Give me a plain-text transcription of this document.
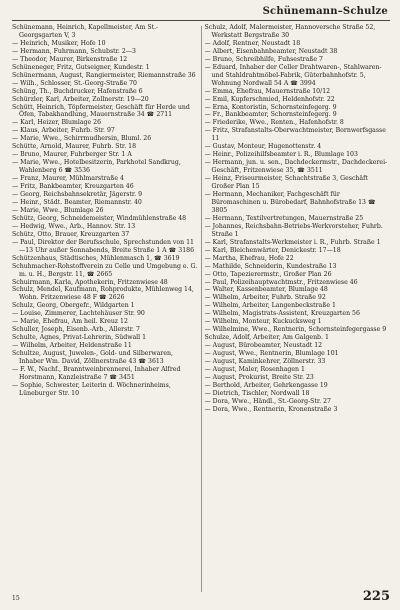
Schünemann–Schulze

Schünemann, Heinrich, Kapellmeister, Am St.-Georgsgarten V, 3

— Heinrich, Musiker, Hofe 10

— Hermann, Fuhrmann, Schubstr. 2—3

— Theodor, Maurer, Birkenstraße 12

Schüneneger, Fritz, Gutseigner, Kundestr. 1

Schünermann, August, Rangiermeister, Riemannstraße 36

— Wilh., Schlosser, St.-Georg-Straße 70

Schüng, Th., Buchdrucker, Hafenstraße 6

Schürzler, Karl, Arbeiter, Zollnerstr. 19—20

Schütt, Heinrich, Töpfermeister, Geschäft für Herde und Öfen, Tabakhandlung, Mauernstraße 34 ☎ 2711

— Karl, Heizer, Blumlage 26

— Klaus, Arbeiter, Fuhrb. Str. 97

— Marie, Wwe., Schirrmudhersin, Bluml. 26

Schütte, Arnold, Maurer, Fuhrb. Str. 18

— Bruno, Maurer, Fuhrberger Str. 1 A

— Marie, Wwe., Hotelbesitzerin, Parkhotel Sandkrug, Wahlenberg 6 ☎ 3536

— Franz, Maurer, Mühlmarstraße 4

— Fritz, Bankbeamter, Kreuzgarten 46

— Georg, Reichsbahnsekretär, Jägerstr. 9

— Heinr., Städt. Beamter, Riemannstr. 40

— Marie, Wwe., Blumlage 26

Schütz, Georg, Schneidemeister, Windmühlenstraße 48

— Hedwig, Wwe., Arb., Hannov. Str. 13

Schütz, Otto, Brauer, Kreuzgarten 37

— Paul, Direktor der Berufsschule, Sprechstunden von 11—13 Uhr außer Sonnabends, Breite Straße 1 A ☎ 3186

Schützenhaus, Städtisches, Mühlenmasch 1, ☎ 3619

Schuhmacher-Rohstoffverein zu Celle und Umgebung e. G. m. u. H., Bergstr. 11, ☎ 2665

Schuirmann, Karla, Apothekerin, Fritzenwiese 48

Schulz, Mendel, Kaufmann, Rohprodukte, Mühlenweg 14, Wohn. Fritzenwiese 48 F ☎ 2626

Schulz, Georg, Obergefr., Wildgarten 1

— Louise, Zimmerer, Lachtehäuser Str. 90

— Marie, Ehefrau, Am heil. Kreuz 12

Schuller, Joseph, Eisenb.-Arb., Allerstr. 7

Schulte, Agnes, Privat-Lehrerin, Südwall 1

— Wilhelm, Arbeiter, Heldenstraße 11

Schultze, August, Juwelen-, Gold- und Silberwaren, Inhaber Wm. David, Zöllnerstraße 43 ☎ 3613

— F. W., Nachf., Branntweinbrennerei, Inhaber Alfred Horstmann, Kanzleistraße 7 ☎ 3451

— Sophie, Schwester, Leiterin d. Wöchnerinheims, Lüneburger Str. 10

Schulz, Adolf, Malermeister, Hannoversche Straße 52, Werkstatt Bergstraße 30

— Adolf, Rentner, Neustadt 18

— Albert, Eisenbahnbeamter, Neustadt 38

— Bruno, Schreibhilfe, Fuhsestraße 7

— Eduard, Inhaber der Celler Drahtwaren-, Stahlwaren- und Stahldrahtmöbel-Fabrik, Güterbahnhofstr. 5, Wohnung Nordwall 54 A ☎ 3994

— Emma, Ehefrau, Mauernstraße 10/12

— Emil, Kupferschmied, Heldenhofstr. 22

— Erna, Kontoristin, Schornsteinfegerg. 9

— Fr., Bankbeamter, Schornsteinfegerg. 9

— Friederike, Wwe., Renten., Hafenhofstr. 8

— Fritz, Strafanstalts-Oberwachtmeister, Bornwerfsgasse 11

— Gustav, Monteur, Hugenottenstr. 4

— Heinr., Polizeihilfsbeamter i. R., Blumlage 103

— Hermann, jun. u. sen., Dachdeckermstr., Dachdeckerei-Geschäft, Fritzenwiese 35, ☎ 3511

— Heinz, Friseurmeister, Schachtstraße 3, Geschäft Großer Plan 15

— Hermann, Mechaniker, Fachgeschäft für Büromaschinen u. Bürobedarf, Bahnhofstraße 13 ☎ 3805

— Hermann, Textilvertretungen, Mauernstraße 25

— Johannes, Reichsbahn-Betriebs-Werkvorsteher, Fuhrb. Straße 1

— Karl, Strafanstalts-Werkmeister i. R., Fuhrb. Straße 1

— Karl, Bleichenwärter, Denickestr. 17—18

— Martha, Ehefrau, Hofe 22

— Mathilde, Schneiderin, Kundestraße 13

— Otto, Tapezierermstr., Großer Plan 26

— Paul, Polizeihauptwachtmstr., Fritzenwiese 46

— Walter, Kassenbeamter, Blumlage 48

— Wilhelm, Arbeiter, Fuhrb. Straße 92

— Wilhelm, Arbeiter, Langenbeckstraße 1

— Wilhelm, Magistrats-Assistent, Kreuzgarten 56

— Wilhelm, Monteur, Kuckucksweg 1

— Wilhelmine, Wwe., Rentnerin, Schornsteinfegergasse 9

Schulze, Adolf, Arbeiter, Am Galgenb. 1

— August, Bürobeamter, Neustadt 12

— August, Wwe., Rentnerin, Blumlage 101

— August, Kaminkehrer, Zöllnerstr. 33

— August, Maler, Rosenhagen 1

— August, Prokurist, Breite Str. 23

— Berthold, Arbeiter, Gehrkengasse 19

— Dietrich, Tischler, Nordwall 18

— Dora, Wwe., Händl., St.-Georg-Str. 27

— Dora, Wwe., Rentnerin, Kronenstraße 3

15	225
